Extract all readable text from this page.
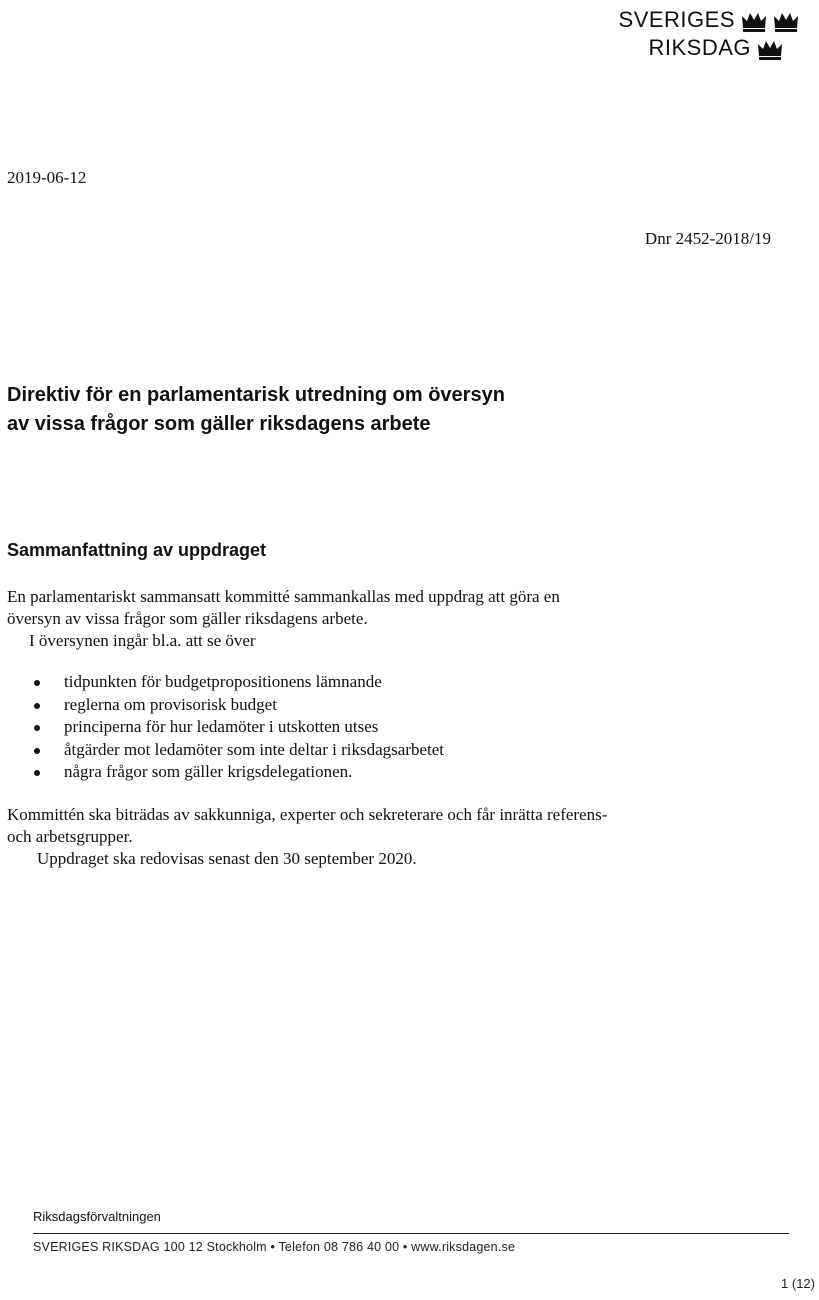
SVERIGES
RIKSDAG
2019-06-12
Dnr 2452-2018/19
Direktiv för en parlamentarisk utredning om översyn
av vissa frågor som gäller riksdagens arbete
Sammanfattning av uppdraget
En parlamentariskt sammansatt kommitté sammankallas med uppdrag att göra en översyn av vissa frågor som gäller riksdagens arbete.
I översynen ingår bl.a. att se över
tidpunkten för budgetpropositionens lämnande
reglerna om provisorisk budget
principerna för hur ledamöter i utskotten utses
åtgärder mot ledamöter som inte deltar i riksdagsarbetet
några frågor som gäller krigsdelegationen.
Kommittén ska biträdas av sakkunniga, experter och sekreterare och får inrätta referens- och arbetsgrupper.
Uppdraget ska redovisas senast den 30 september 2020.
Riksdagsförvaltningen
SVERIGES RIKSDAG 100 12 Stockholm • Telefon 08 786 40 00 • www.riksdagen.se
1 (12)
